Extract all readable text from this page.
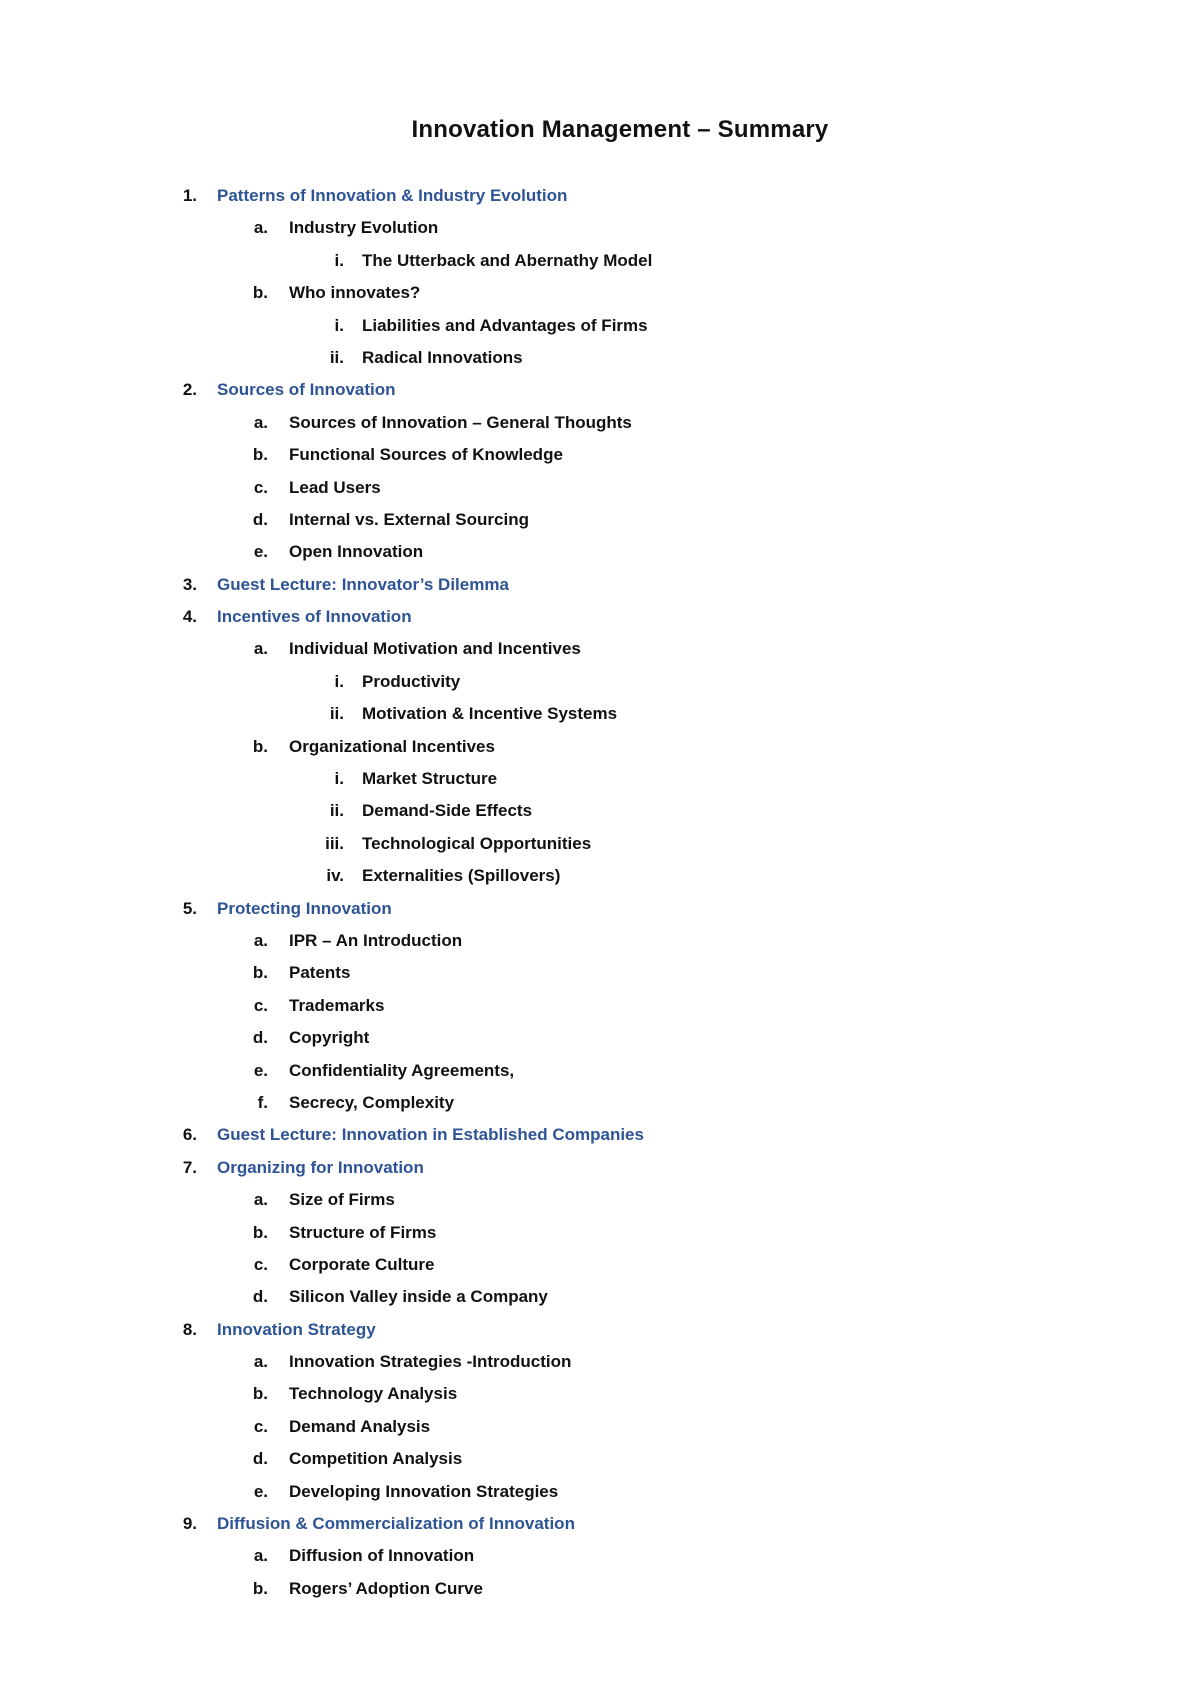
Innovation Management – Summary
1. Patterns of Innovation & Industry Evolution
a. Industry Evolution
i. The Utterback and Abernathy Model
b. Who innovates?
i. Liabilities and Advantages of Firms
ii. Radical Innovations
2. Sources of Innovation
a. Sources of Innovation – General Thoughts
b. Functional Sources of Knowledge
c. Lead Users
d. Internal vs. External Sourcing
e. Open Innovation
3. Guest Lecture: Innovator’s Dilemma
4. Incentives of Innovation
a. Individual Motivation and Incentives
i. Productivity
ii. Motivation & Incentive Systems
b. Organizational Incentives
i. Market Structure
ii. Demand-Side Effects
iii. Technological Opportunities
iv. Externalities (Spillovers)
5. Protecting Innovation
a. IPR – An Introduction
b. Patents
c. Trademarks
d. Copyright
e. Confidentiality Agreements,
f. Secrecy, Complexity
6. Guest Lecture: Innovation in Established Companies
7. Organizing for Innovation
a. Size of Firms
b. Structure of Firms
c. Corporate Culture
d. Silicon Valley inside a Company
8. Innovation Strategy
a. Innovation Strategies -Introduction
b. Technology Analysis
c. Demand Analysis
d. Competition Analysis
e. Developing Innovation Strategies
9. Diffusion & Commercialization of Innovation
a. Diffusion of Innovation
b. Rogers’ Adoption Curve
